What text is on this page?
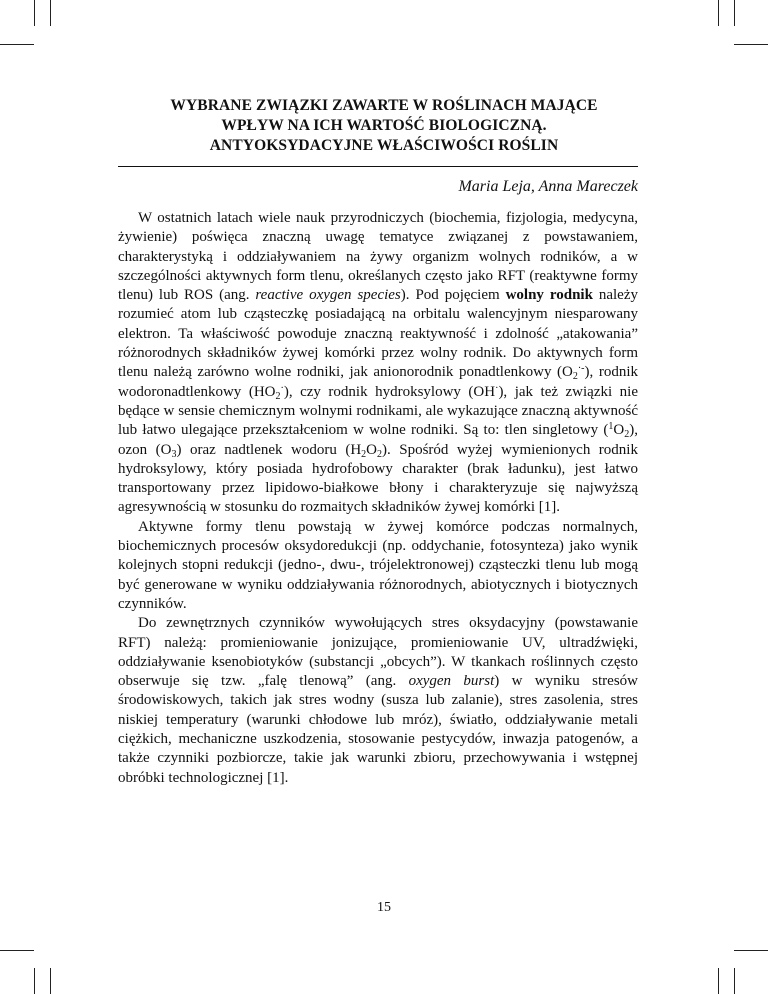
WYBRANE ZWIĄZKI ZAWARTE W ROŚLINACH MAJĄCE
WPŁYW NA ICH WARTOŚĆ BIOLOGICZNĄ.
ANTYOKSYDACYJNE WŁAŚCIWOŚCI ROŚLIN
Maria Leja, Anna Mareczek

W ostatnich latach wiele nauk przyrodniczych (biochemia, fizjologia, medycyna, żywienie) poświęca znaczną uwagę tematyce związanej z powstawaniem, charakterystyką i oddziaływaniem na żywy organizm wolnych rodników, a w szczególności aktywnych form tlenu, określanych często jako RFT (reaktywne formy tlenu) lub ROS (ang. reactive oxygen species). Pod pojęciem wolny rodnik należy rozumieć atom lub cząsteczkę posiadającą na orbitalu walencyjnym niesparowany elektron. Ta właściwość powoduje znaczną reaktywność i zdolność „atakowania” różnorodnych składników żywej komórki przez wolny rodnik. Do aktywnych form tlenu należą zarówno wolne rodniki, jak anionorodnik ponadtlenkowy $(O_2^{\cdot-})$, rodnik wodoronadtlenkowy $(HO_2^\cdot)$, czy rodnik hydroksylowy (OH·), jak też związki nie będące w sensie chemicznym wolnymi rodnikami, ale wykazujące znaczną aktywność lub łatwo ulegające przekształceniom w wolne rodniki. Są to: tlen singletowy $(^1O_2)$, ozon $(O_3)$ oraz nadtlenek wodoru $(H_2O_2)$. Spośród wyżej wymienionych rodnik hydroksylowy, który posiada hydrofobowy charakter (brak ładunku), jest łatwo transportowany przez lipidowo-białkowe błony i charakteryzuje się najwyższą agresywnością w stosunku do rozmaitych składników żywej komórki [1].

Aktywne formy tlenu powstają w żywej komórce podczas normalnych, biochemicznych procesów oksydoredukcji (np. oddychanie, fotosynteza) jako wynik kolejnych stopni redukcji (jedno-, dwu-, trójelektronowej) cząsteczki tlenu lub mogą być generowane w wyniku oddziaływania różnorodnych, abiotycznych i biotycznych czynników.

Do zewnętrznych czynników wywołujących stres oksydacyjny (powstawanie RFT) należą: promieniowanie jonizujące, promieniowanie UV, ultradźwięki, oddziaływanie ksenobiotyków (substancji „obcych”). W tkankach roślinnych często obserwuje się tzw. „falę tlenową” (ang. oxygen burst) w wyniku stresów środowiskowych, takich jak stres wodny (susza lub zalanie), stres zasolenia, stres niskiej temperatury (warunki chłodowe lub mróz), światło, oddziaływanie metali ciężkich, mechaniczne uszkodzenia, stosowanie pestycydów, inwazja patogenów, a także czynniki pozbiorcze, takie jak warunki zbioru, przechowywania i wstępnej obróbki technologicznej [1].

15
